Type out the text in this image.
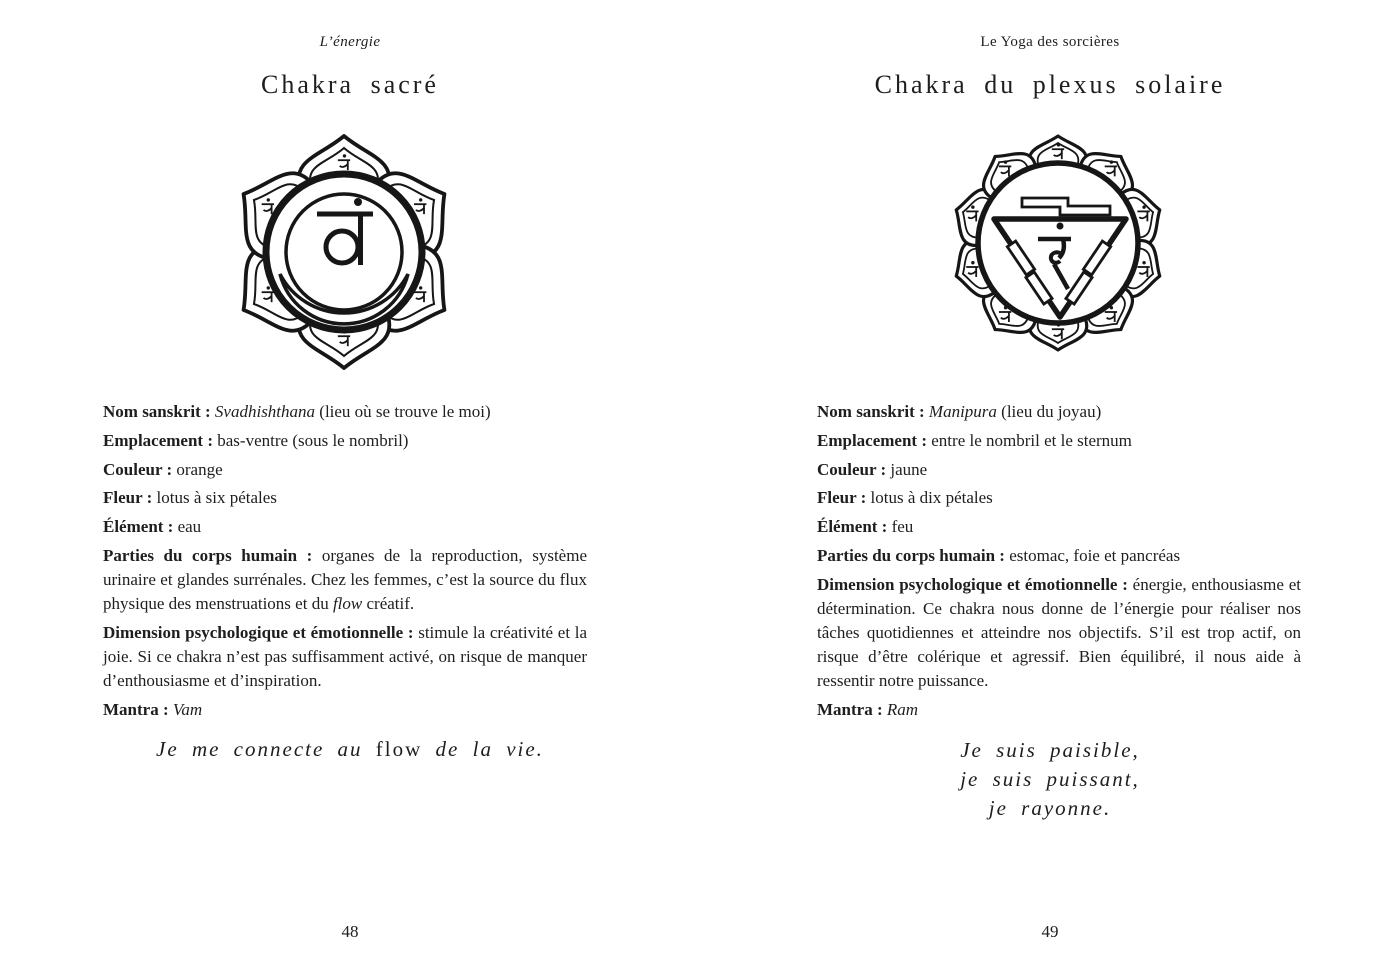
L’énergie
Chakra sacré

Nom sanskrit : Svadhishthana (lieu où se trouve le moi)

Emplacement : bas-ventre (sous le nombril)

Couleur : orange

Fleur : lotus à six pétales

Élément : eau

Parties du corps humain : organes de la reproduction, système urinaire et glandes surrénales. Chez les femmes, c’est la source du flux physique des menstruations et du flow créatif.

Dimension psychologique et émotionnelle : stimule la créativité et la joie. Si ce chakra n’est pas suffisamment activé, on risque de manquer d’enthousiasme et d’inspiration.

Mantra : Vam

Je me connecte au flow de la vie.
48
Le Yoga des sorcières
Chakra du plexus solaire

Nom sanskrit : Manipura (lieu du joyau)

Emplacement : entre le nombril et le sternum

Couleur : jaune

Fleur : lotus à dix pétales

Élément : feu

Parties du corps humain : estomac, foie et pancréas

Dimension psychologique et émotionnelle : énergie, enthousiasme et détermination. Ce chakra nous donne de l’énergie pour réaliser nos tâches quotidiennes et atteindre nos objectifs. S’il est trop actif, on risque d’être colérique et agressif. Bien équilibré, il nous aide à ressentir notre puissance.

Mantra : Ram

Je suis paisible,
je suis puissant,
je rayonne.
49
